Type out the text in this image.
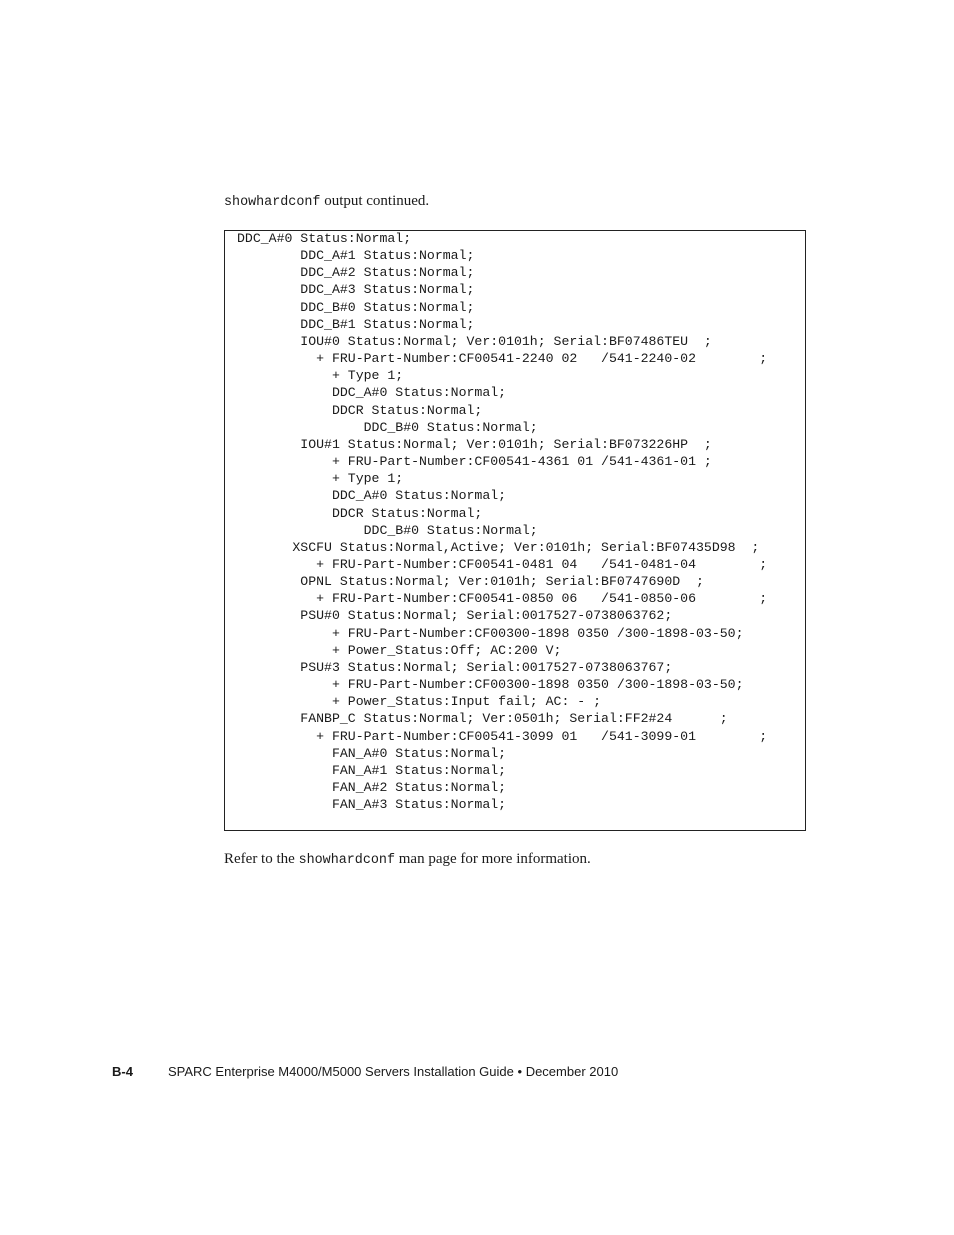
showhardconf output continued.
DDC_A#0 Status:Normal;
DDC_A#1 Status:Normal;
DDC_A#2 Status:Normal;
DDC_A#3 Status:Normal;
DDC_B#0 Status:Normal;
DDC_B#1 Status:Normal;
IOU#0 Status:Normal; Ver:0101h; Serial:BF07486TEU  ;
+ FRU-Part-Number:CF00541-2240 02   /541-2240-02        ;
+ Type 1;
DDC_A#0 Status:Normal;
DDCR Status:Normal;
DDC_B#0 Status:Normal;
IOU#1 Status:Normal; Ver:0101h; Serial:BF073226HP  ;
+ FRU-Part-Number:CF00541-4361 01 /541-4361-01 ;
+ Type 1;
DDC_A#0 Status:Normal;
DDCR Status:Normal;
DDC_B#0 Status:Normal;
XSCFU Status:Normal,Active; Ver:0101h; Serial:BF07435D98  ;
+ FRU-Part-Number:CF00541-0481 04   /541-0481-04        ;
OPNL Status:Normal; Ver:0101h; Serial:BF0747690D  ;
+ FRU-Part-Number:CF00541-0850 06   /541-0850-06        ;
PSU#0 Status:Normal; Serial:0017527-0738063762;
+ FRU-Part-Number:CF00300-1898 0350 /300-1898-03-50;
+ Power_Status:Off; AC:200 V;
PSU#3 Status:Normal; Serial:0017527-0738063767;
+ FRU-Part-Number:CF00300-1898 0350 /300-1898-03-50;
+ Power_Status:Input fail; AC: - ;
FANBP_C Status:Normal; Ver:0501h; Serial:FF2#24      ;
+ FRU-Part-Number:CF00541-3099 01   /541-3099-01        ;
FAN_A#0 Status:Normal;
FAN_A#1 Status:Normal;
FAN_A#2 Status:Normal;
FAN_A#3 Status:Normal;
Refer to the showhardconf man page for more information.
B-4	SPARC Enterprise M4000/M5000 Servers Installation Guide • December 2010
